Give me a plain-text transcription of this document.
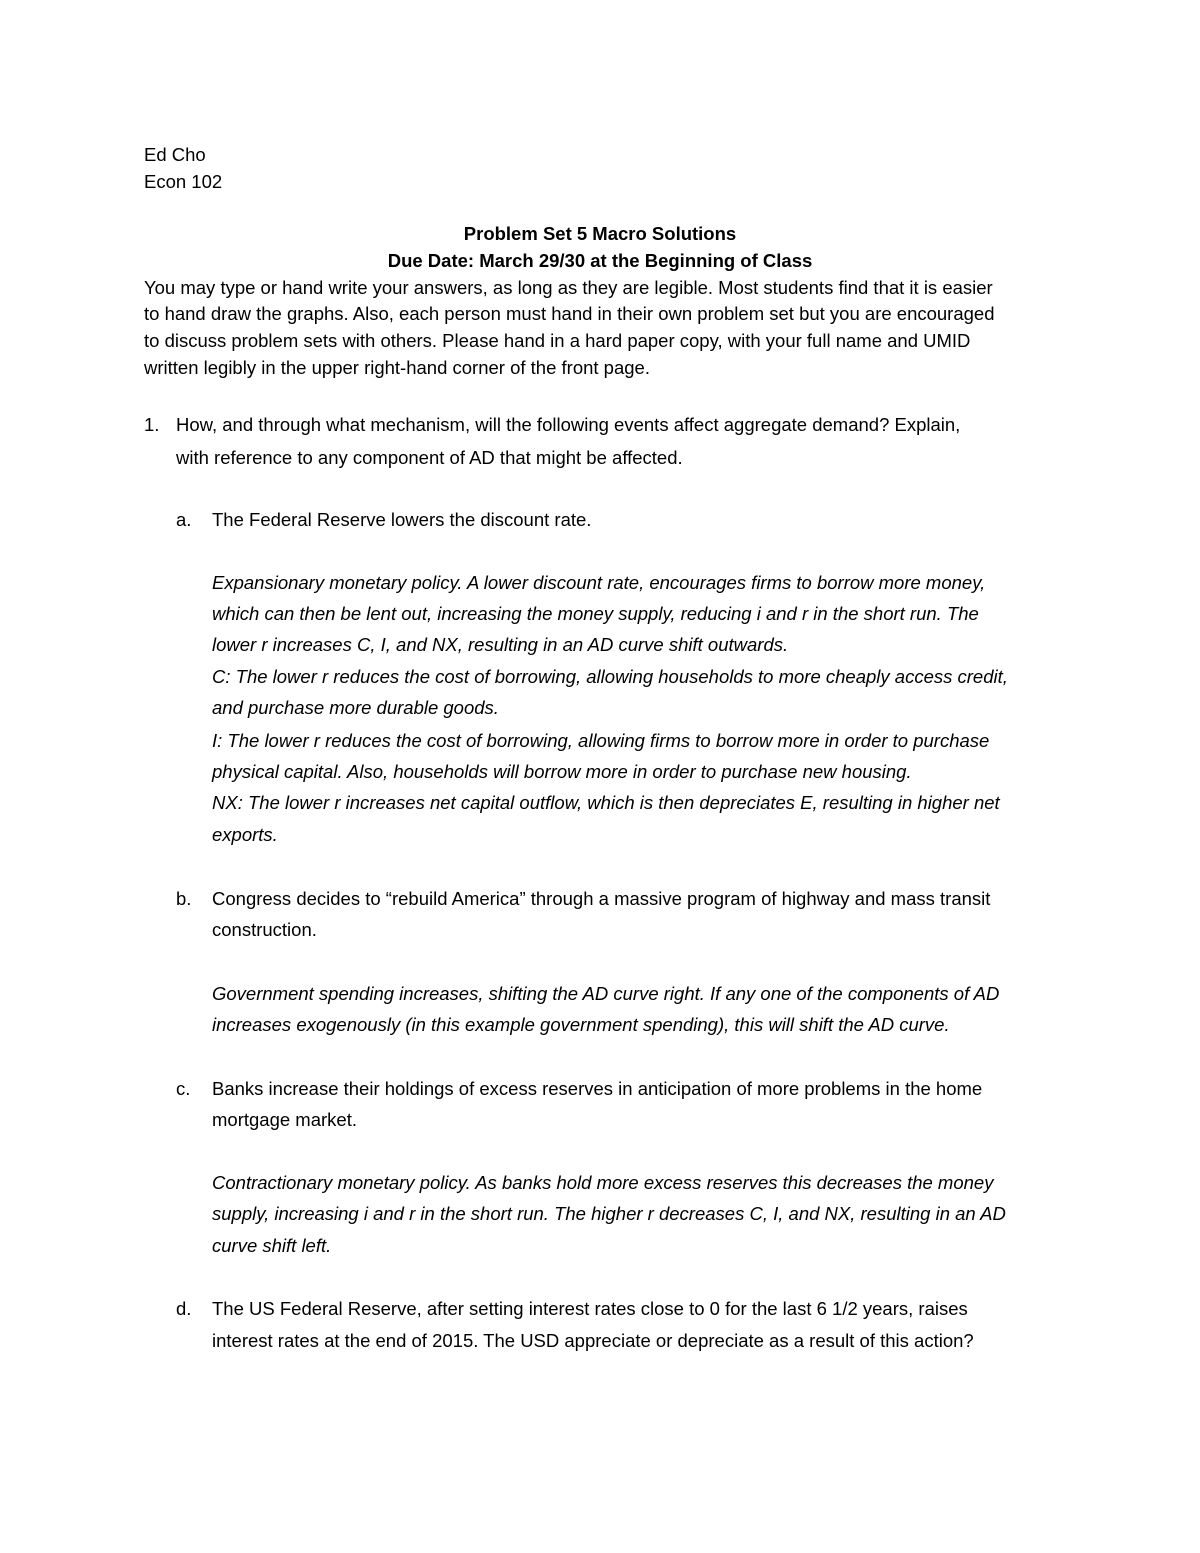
Ed Cho
Econ 102
Problem Set 5 Macro Solutions
Due Date: March 29/30 at the Beginning of Class
You may type or hand write your answers, as long as they are legible. Most students find that it is easier
to hand draw the graphs. Also, each person must hand in their own problem set but you are encouraged
to discuss problem sets with others. Please hand in a hard paper copy, with your full name and UMID
written legibly in the upper right-hand corner of the front page.
1. How, and through what mechanism, will the following events affect aggregate demand? Explain,
with reference to any component of AD that might be affected.
a. The Federal Reserve lowers the discount rate.
Expansionary monetary policy. A lower discount rate, encourages firms to borrow more money,
which can then be lent out, increasing the money supply, reducing i and r in the short run. The
lower r increases C, I, and NX, resulting in an AD curve shift outwards.
C: The lower r reduces the cost of borrowing, allowing households to more cheaply access credit,
and purchase more durable goods.
I: The lower r reduces the cost of borrowing, allowing firms to borrow more in order to purchase
physical capital. Also, households will borrow more in order to purchase new housing.
NX: The lower r increases net capital outflow, which is then depreciates E, resulting in higher net
exports.
b. Congress decides to “rebuild America” through a massive program of highway and mass transit
construction.
Government spending increases, shifting the AD curve right. If any one of the components of AD
increases exogenously (in this example government spending), this will shift the AD curve.
c. Banks increase their holdings of excess reserves in anticipation of more problems in the home
mortgage market.
Contractionary monetary policy. As banks hold more excess reserves this decreases the money
supply, increasing i and r in the short run. The higher r decreases C, I, and NX, resulting in an AD
curve shift left.
d. The US Federal Reserve, after setting interest rates close to 0 for the last 6 1/2 years, raises
interest rates at the end of 2015. The USD appreciate or depreciate as a result of this action?
